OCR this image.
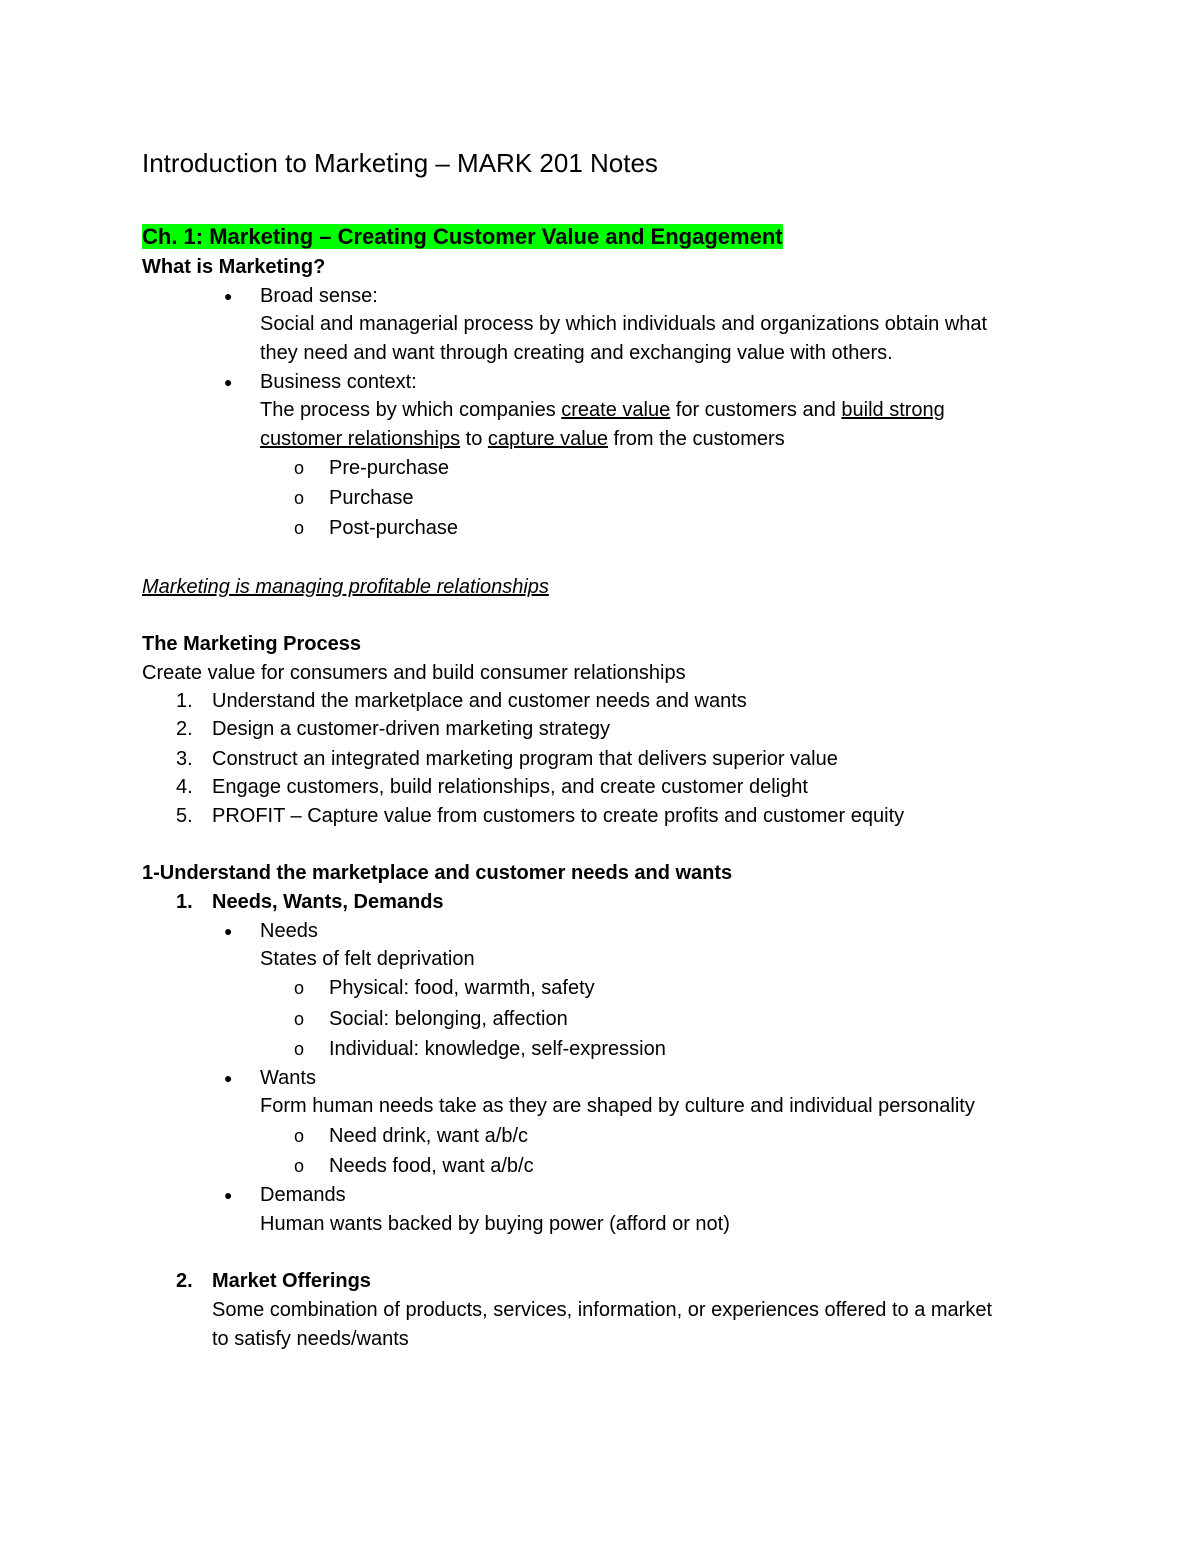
Introduction to Marketing – MARK 201 Notes
Ch. 1: Marketing – Creating Customer Value and Engagement
What is Marketing?
● Broad sense:
Social and managerial process by which individuals and organizations obtain what
they need and want through creating and exchanging value with others.
● Business context:
The process by which companies create value for customers and build strong
customer relationships to capture value from the customers
o Pre-purchase
o Purchase
o Post-purchase
Marketing is managing profitable relationships
The Marketing Process
Create value for consumers and build consumer relationships
1. Understand the marketplace and customer needs and wants
2. Design a customer-driven marketing strategy
3. Construct an integrated marketing program that delivers superior value
4. Engage customers, build relationships, and create customer delight
5. PROFIT – Capture value from customers to create profits and customer equity
1-Understand the marketplace and customer needs and wants
1. Needs, Wants, Demands
● Needs
States of felt deprivation
o Physical: food, warmth, safety
o Social: belonging, affection
o Individual: knowledge, self-expression
● Wants
Form human needs take as they are shaped by culture and individual personality
o Need drink, want a/b/c
o Needs food, want a/b/c
● Demands
Human wants backed by buying power (afford or not)
2. Market Offerings
Some combination of products, services, information, or experiences offered to a market
to satisfy needs/wants
